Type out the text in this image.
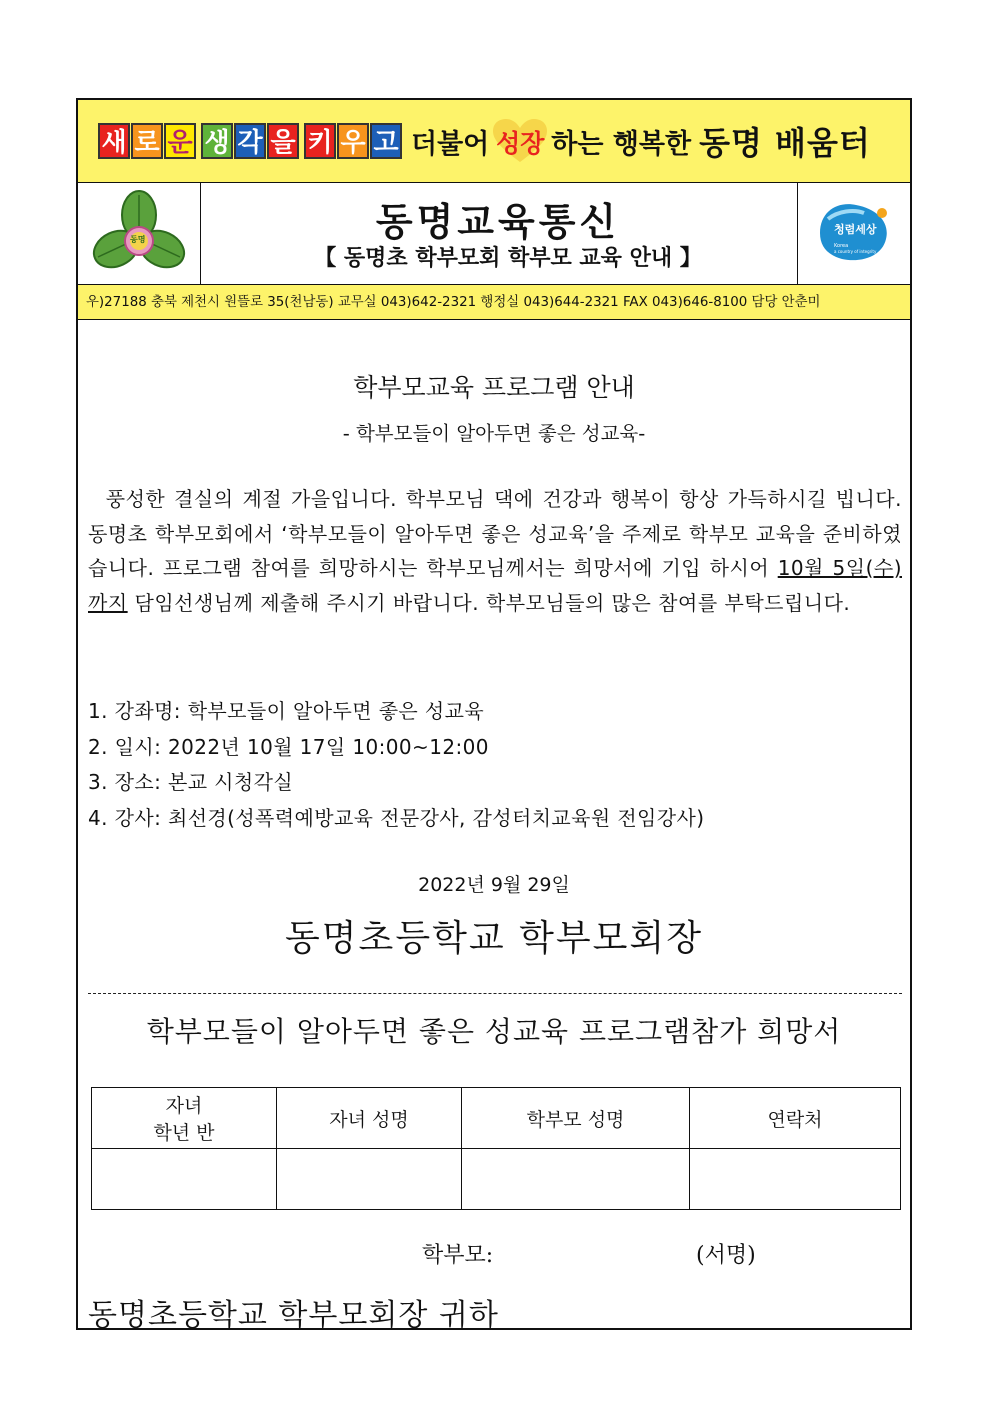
새 로 운 생 각 을 키 우 고 더불어 성장 하는 행복한 동명 배움터
동명	동명교육통신
【 동명초 학부모회 학부모 교육 안내 】
청렴세상
Korea
a country of integrity
우)27188 충북 제천시 원뜰로 35(천남동) 교무실 043)642-2321 행정실 043)644-2321 FAX 043)646-8100 담당 안춘미
학부모교육 프로그램 안내
- 학부모들이 알아두면 좋은 성교육-
풍성한 결실의 계절 가을입니다. 학부모님 댁에 건강과 행복이 항상 가득하시길 빕니다. 동명초 학부모회에서 ‘학부모들이 알아두면 좋은 성교육’을 주제로 학부모 교육을 준비하였습니다. 프로그램 참여를 희망하시는 학부모님께서는 희망서에 기입 하시어 10월 5일(수)까지 담임선생님께 제출해 주시기 바랍니다. 학부모님들의 많은 참여를 부탁드립니다.
1. 강좌명: 학부모들이 알아두면 좋은 성교육
2. 일시: 2022년 10월 17일 10:00~12:00
3. 장소: 본교 시청각실
4. 강사: 최선경(성폭력예방교육 전문강사, 감성터치교육원 전임강사)
2022년 9월 29일
동명초등학교 학부모회장
학부모들이 알아두면 좋은 성교육 프로그램참가 희망서
자녀
학년 반	자녀 성명	학부모 성명	연락처

학부모:	(서명)
동명초등학교 학부모회장 귀하
